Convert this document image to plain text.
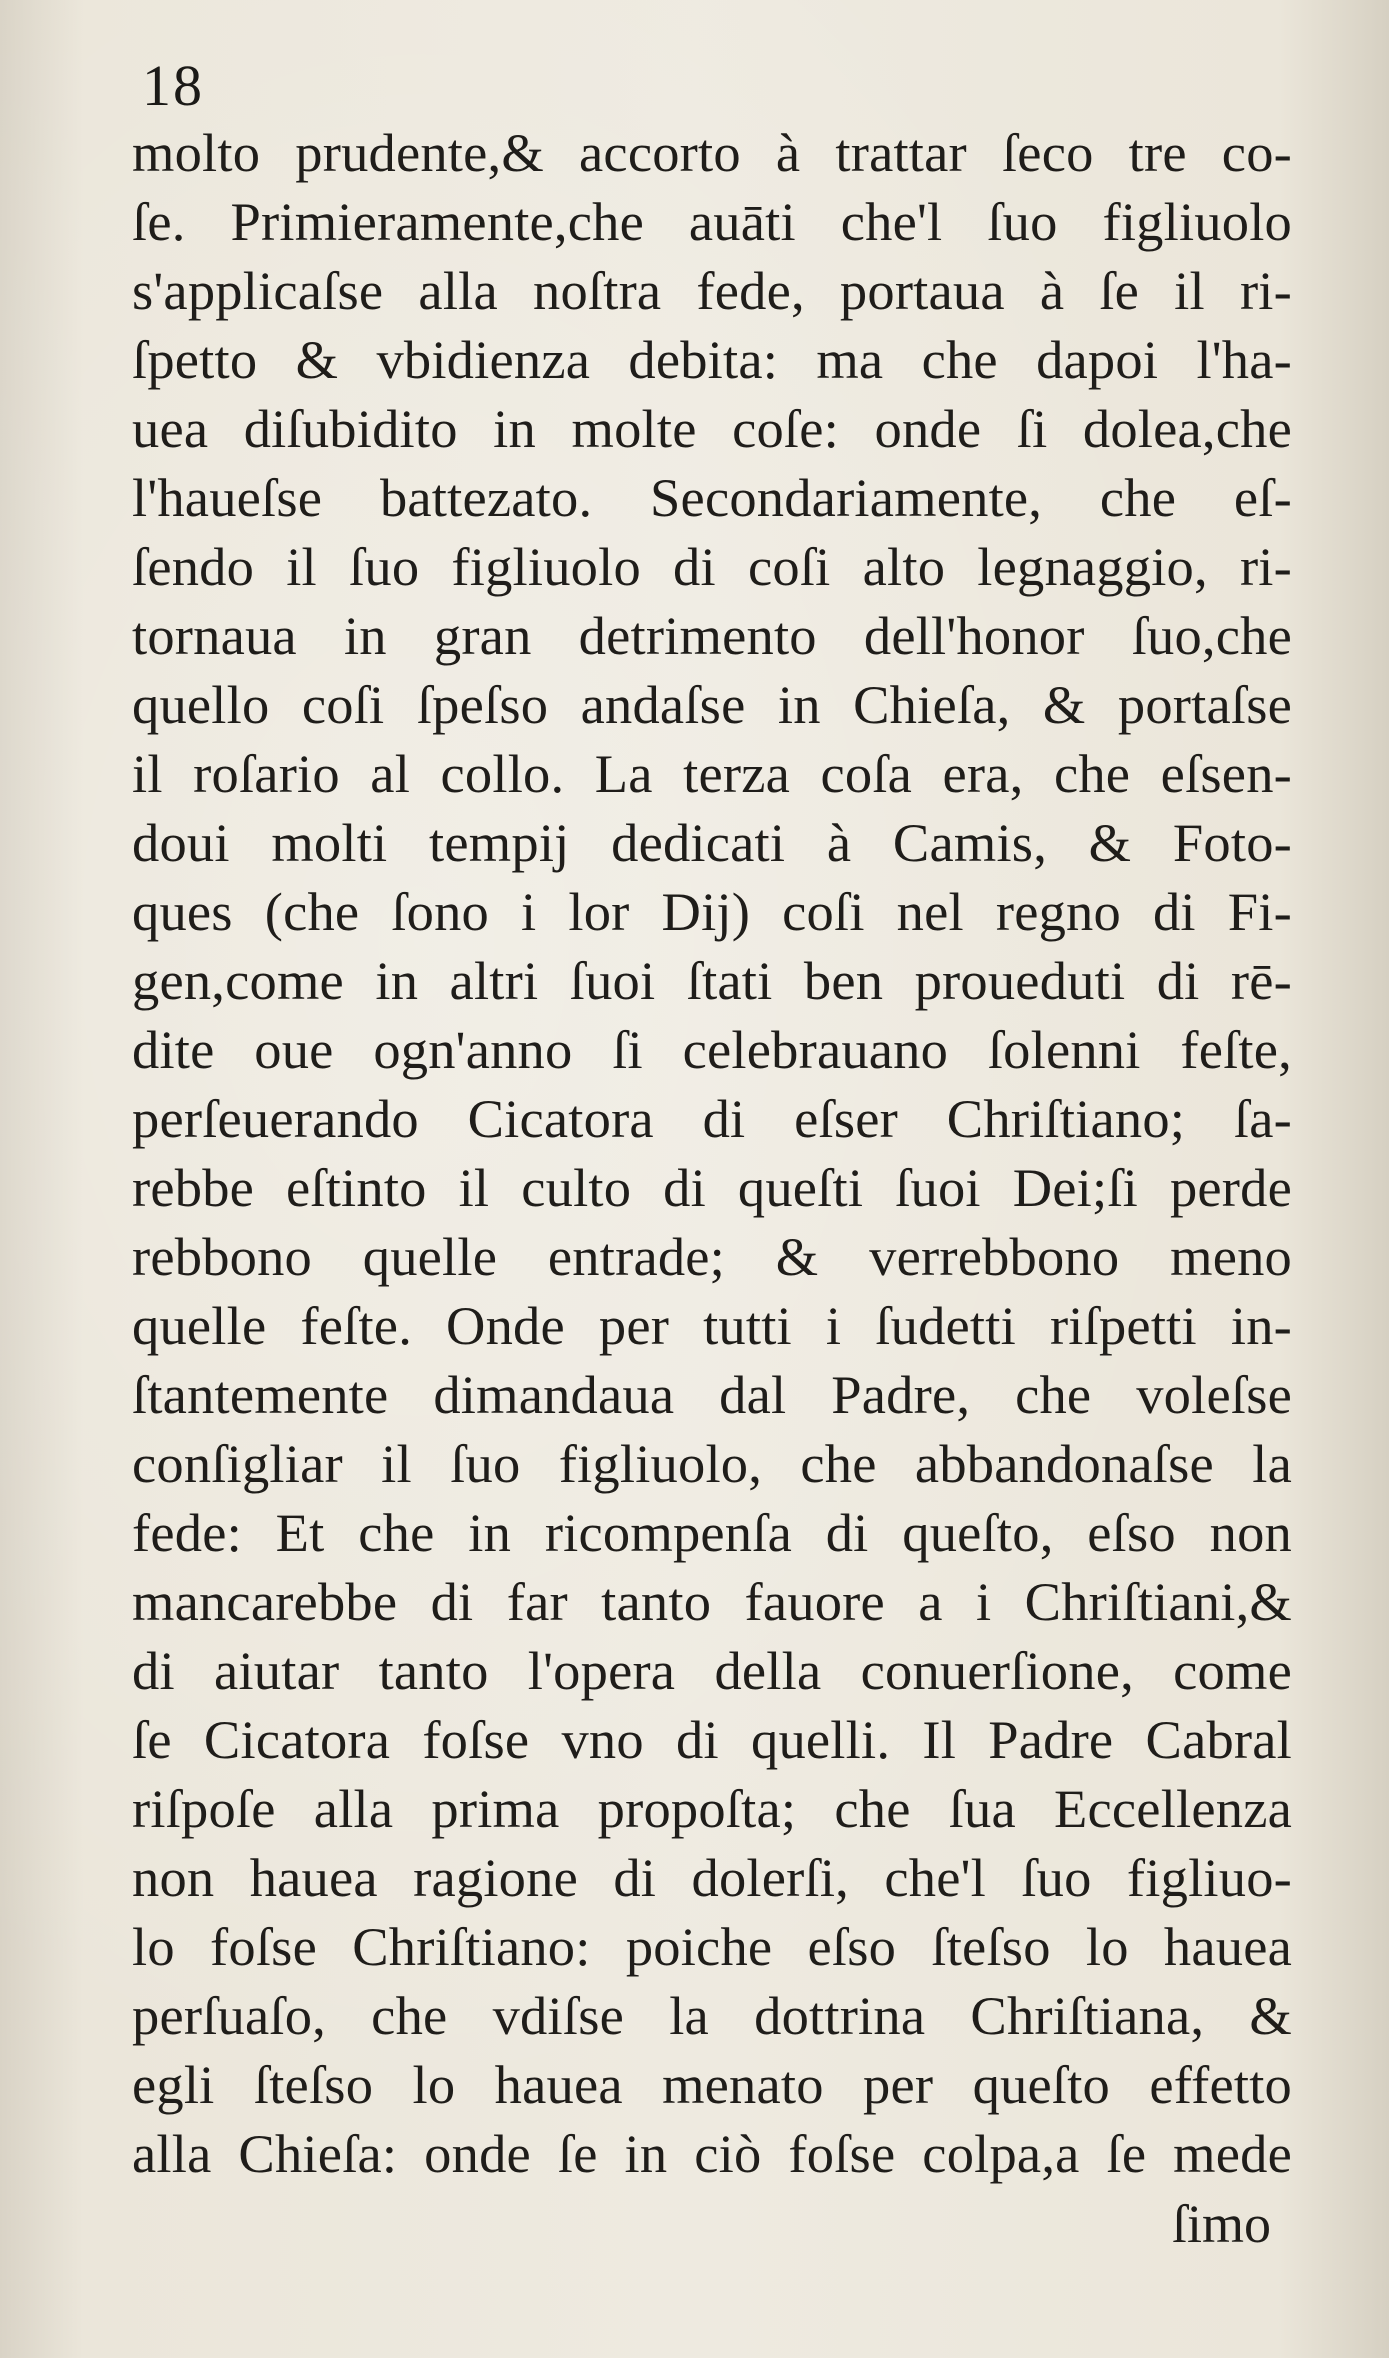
18
molto prudente,& accorto à trattar ſeco tre co-
ſe. Primieramente,che auāti che'l ſuo figliuolo
s'applicaſse alla noſtra fede, portaua à ſe il ri-
ſpetto & vbidienza debita: ma che dapoi l'ha-
uea diſubidito in molte coſe: onde ſi dolea,che
l'haueſse battezato. Secondariamente, che eſ-
ſendo il ſuo figliuolo di coſi alto legnaggio, ri-
tornaua in gran detrimento dell'honor ſuo,che
quello coſi ſpeſso andaſse in Chieſa, & portaſse
il roſario al collo. La terza coſa era, che eſsen-
doui molti tempij dedicati à Camis, & Foto-
ques (che ſono i lor Dij) coſi nel regno di Fi-
gen,come in altri ſuoi ſtati ben proueduti di rē-
dite oue ogn'anno ſi celebrauano ſolenni feſte,
perſeuerando Cicatora di eſser Chriſtiano; ſa-
rebbe eſtinto il culto di queſti ſuoi Dei;ſi perde
rebbono quelle entrade; & verrebbono meno
quelle feſte. Onde per tutti i ſudetti riſpetti in-
ſtantemente dimandaua dal Padre, che voleſse
conſigliar il ſuo figliuolo, che abbandonaſse la
fede: Et che in ricompenſa di queſto, eſso non
mancarebbe di far tanto fauore a i Chriſtiani,&
di aiutar tanto l'opera della conuerſione, come
ſe Cicatora foſse vno di quelli. Il Padre Cabral
riſpoſe alla prima propoſta; che ſua Eccellenza
non hauea ragione di dolerſi, che'l ſuo figliuo-
lo foſse Chriſtiano: poiche eſso ſteſso lo hauea
perſuaſo, che vdiſse la dottrina Chriſtiana, &
egli ſteſso lo hauea menato per queſto effetto
alla Chieſa: onde ſe in ciò foſse colpa,a ſe mede
ſimo
